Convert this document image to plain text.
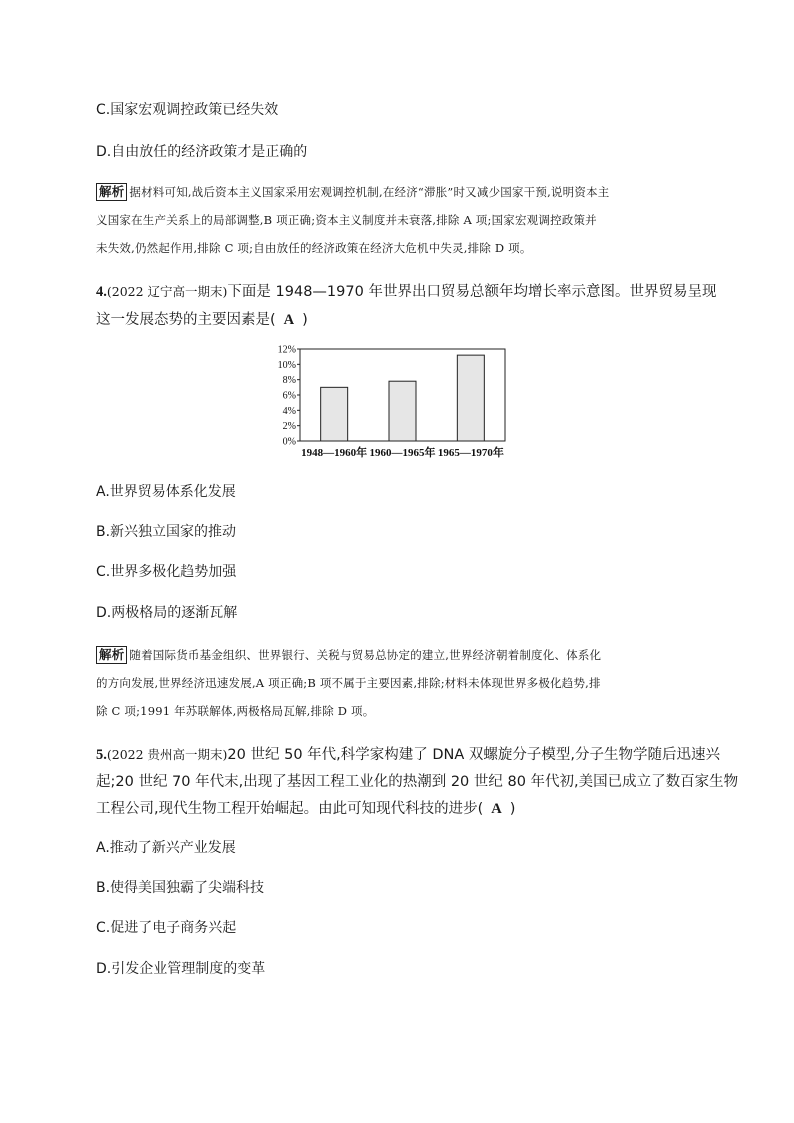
C.国家宏观调控政策已经失效
D.自由放任的经济政策才是正确的
解析 据材料可知,战后资本主义国家采用宏观调控机制,在经济“滞胀”时又减少国家干预,说明资本主
义国家在生产关系上的局部调整,B 项正确;资本主义制度并未衰落,排除 A 项;国家宏观调控政策并
未失效,仍然起作用,排除 C 项;自由放任的经济政策在经济大危机中失灵,排除 D 项。
4.(2022 辽宁高一期末)下面是 1948—1970 年世界出口贸易总额年均增长率示意图。世界贸易呈现
这一发展态势的主要因素是( A )
12%
10%
8%
6%
4%
2%
0%
1948—1960年 1960—1965年 1965—1970年
A.世界贸易体系化发展
B.新兴独立国家的推动
C.世界多极化趋势加强
D.两极格局的逐渐瓦解
解析 随着国际货币基金组织、世界银行、关税与贸易总协定的建立,世界经济朝着制度化、体系化
的方向发展,世界经济迅速发展,A 项正确;B 项不属于主要因素,排除;材料未体现世界多极化趋势,排
除 C 项;1991 年苏联解体,两极格局瓦解,排除 D 项。
5.(2022 贵州高一期末)20 世纪 50 年代,科学家构建了 DNA 双螺旋分子模型,分子生物学随后迅速兴
起;20 世纪 70 年代末,出现了基因工程工业化的热潮到 20 世纪 80 年代初,美国已成立了数百家生物
工程公司,现代生物工程开始崛起。由此可知现代科技的进步( A )
A.推动了新兴产业发展
B.使得美国独霸了尖端科技
C.促进了电子商务兴起
D.引发企业管理制度的变革
